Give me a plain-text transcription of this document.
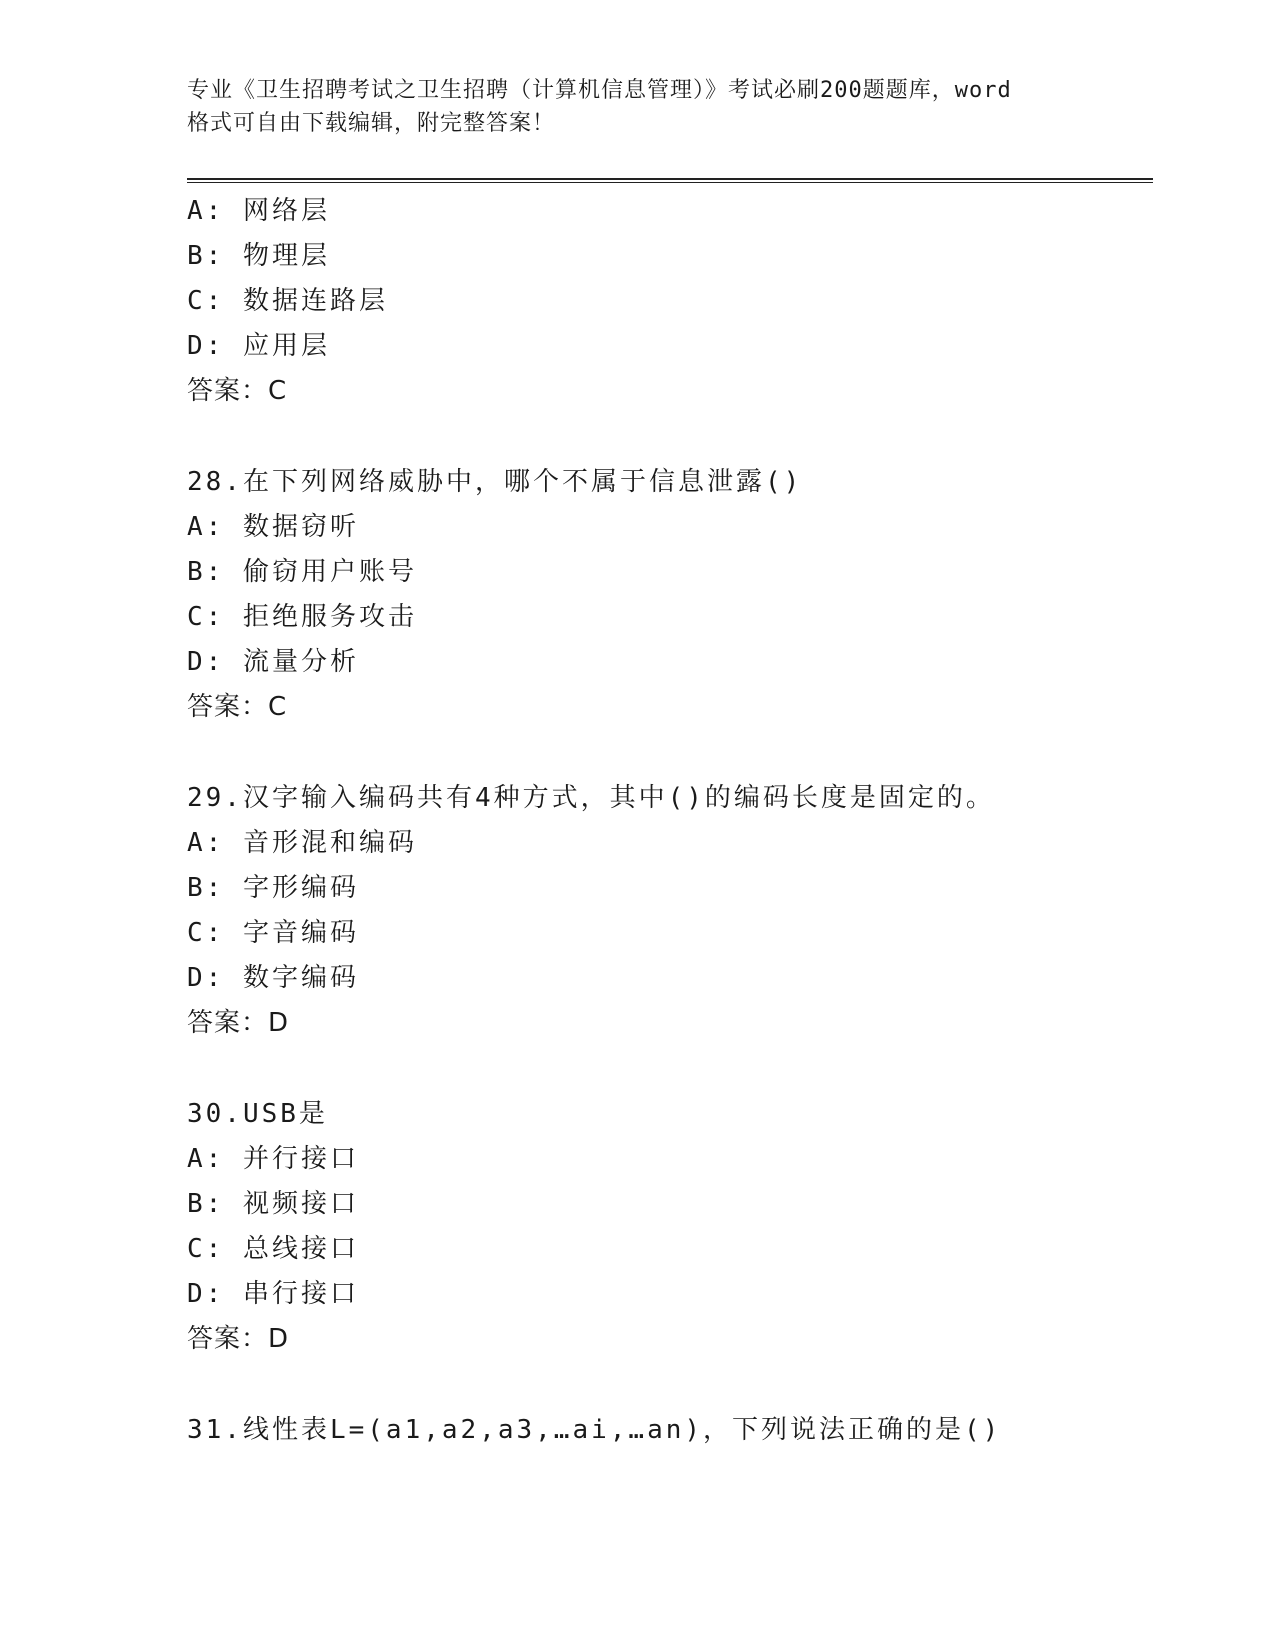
专业《卫生招聘考试之卫生招聘（计算机信息管理）》考试必刷200题题库，word
格式可自由下载编辑，附完整答案！
A: 网络层
B: 物理层
C: 数据连路层
D: 应用层
答案：C
28.在下列网络威胁中，哪个不属于信息泄露()
A: 数据窃听
B: 偷窃用户账号
C: 拒绝服务攻击
D: 流量分析
答案：C
29.汉字输入编码共有4种方式，其中()的编码长度是固定的。
A: 音形混和编码
B: 字形编码
C: 字音编码
D: 数字编码
答案：D
30.USB是
A: 并行接口
B: 视频接口
C: 总线接口
D: 串行接口
答案：D
31.线性表L=(a1,a2,a3,…ai,…an)，下列说法正确的是()
